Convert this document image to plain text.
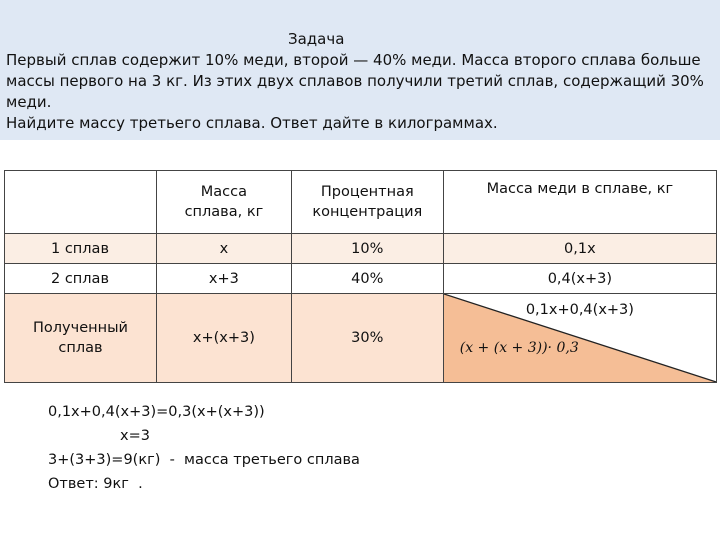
Задача
Первый сплав содержит 10% меди, второй — 40% меди. Масса второго сплава больше
массы первого на 3 кг. Из этих двух сплавов получили третий сплав, содержащий 30% меди.
Найдите массу третьего сплава. Ответ дайте в килограммах.
	Масса сплава, кг	Процентная концентрация	Масса меди в сплаве, кг
1 сплав	x	10%	0,1x
2 сплав	x+3	40%	0,4(x+3)
Полученный сплав	x+(x+3)	30%	0,1x+0,4(x+3)
(x + (x + 3))· 0,3
0,1x+0,4(x+3)=0,3(x+(x+3))
x=3
3+(3+3)=9(кг)  -  масса третьего сплава
Ответ: 9кг  .
